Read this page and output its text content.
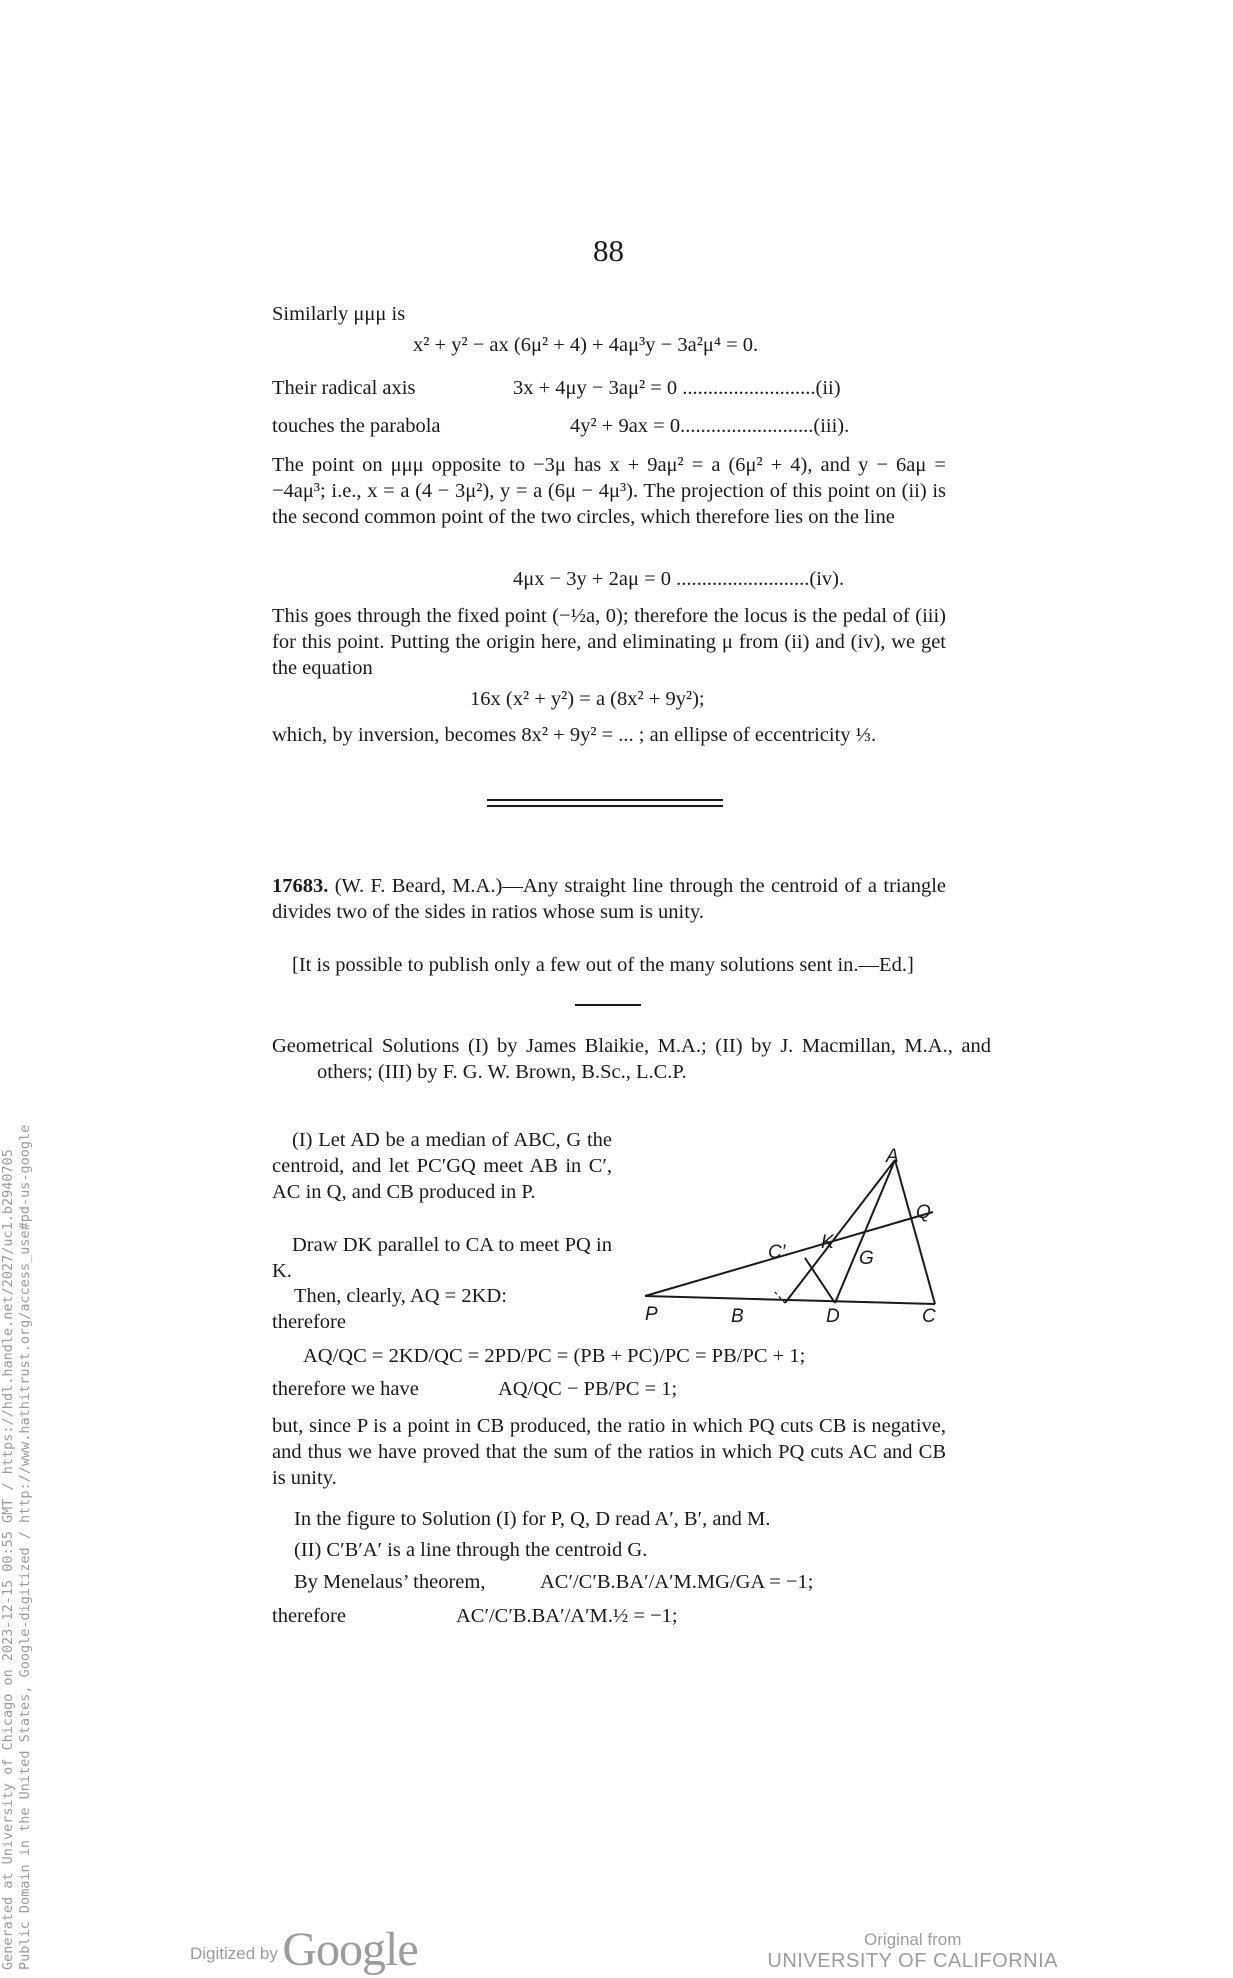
88
Similarly μμμ is
x² + y² − ax (6μ² + 4) + 4aμ³y − 3a²μ⁴ = 0.
Their radical axis	3x + 4μy − 3aμ² = 0 ..........................(ii)
touches the parabola	4y² + 9ax = 0..........................(iii).
The point on μμμ opposite to −3μ has x + 9aμ² = a (6μ² + 4), and y − 6aμ = −4aμ³; i.e., x = a (4 − 3μ²), y = a (6μ − 4μ³). The projection of this point on (ii) is the second common point of the two circles, which therefore lies on the line
4μx − 3y + 2aμ = 0 ..........................(iv).
This goes through the fixed point (−½a, 0); therefore the locus is the pedal of (iii) for this point. Putting the origin here, and eliminating μ from (ii) and (iv), we get the equation
16x (x² + y²) = a (8x² + 9y²);
which, by inversion, becomes 8x² + 9y² = ... ; an ellipse of eccentricity ⅓.
17683. (W. F. Beard, M.A.)—Any straight line through the centroid of a triangle divides two of the sides in ratios whose sum is unity.
[It is possible to publish only a few out of the many solutions sent in.—Ed.]
Geometrical Solutions (I) by James Blaikie, M.A.; (II) by J. Macmillan, M.A., and others; (III) by F. G. W. Brown, B.Sc., L.C.P.
(I) Let AD be a median of ABC, G the centroid, and let PC′GQ meet AB in C′, AC in Q, and CB produced in P.
Draw DK parallel to CA to meet PQ in K.
Then, clearly, AQ = 2KD:
therefore
A
Q
C′ K
G
P	B	D	C
AQ/QC = 2KD/QC = 2PD/PC = (PB + PC)/PC = PB/PC + 1;
therefore we have	AQ/QC − PB/PC = 1;
but, since P is a point in CB produced, the ratio in which PQ cuts CB is negative, and thus we have proved that the sum of the ratios in which PQ cuts AC and CB is unity.
In the figure to Solution (I) for P, Q, D read A′, B′, and M.
(II) C′B′A′ is a line through the centroid G.
By Menelaus’ theorem,	AC′/C′B.BA′/A′M.MG/GA = −1;
therefore	AC′/C′B.BA′/A′M.½ = −1;
Generated at University of Chicago on 2023-12-15 00:55 GMT / https://hdl.handle.net/2027/uc1.b2940705 Public Domain in the United States, Google-digitized / http://www.hathitrust.org/access_use#pd-us-google	Digitized by Google	Original from
UNIVERSITY OF CALIFORNIA
